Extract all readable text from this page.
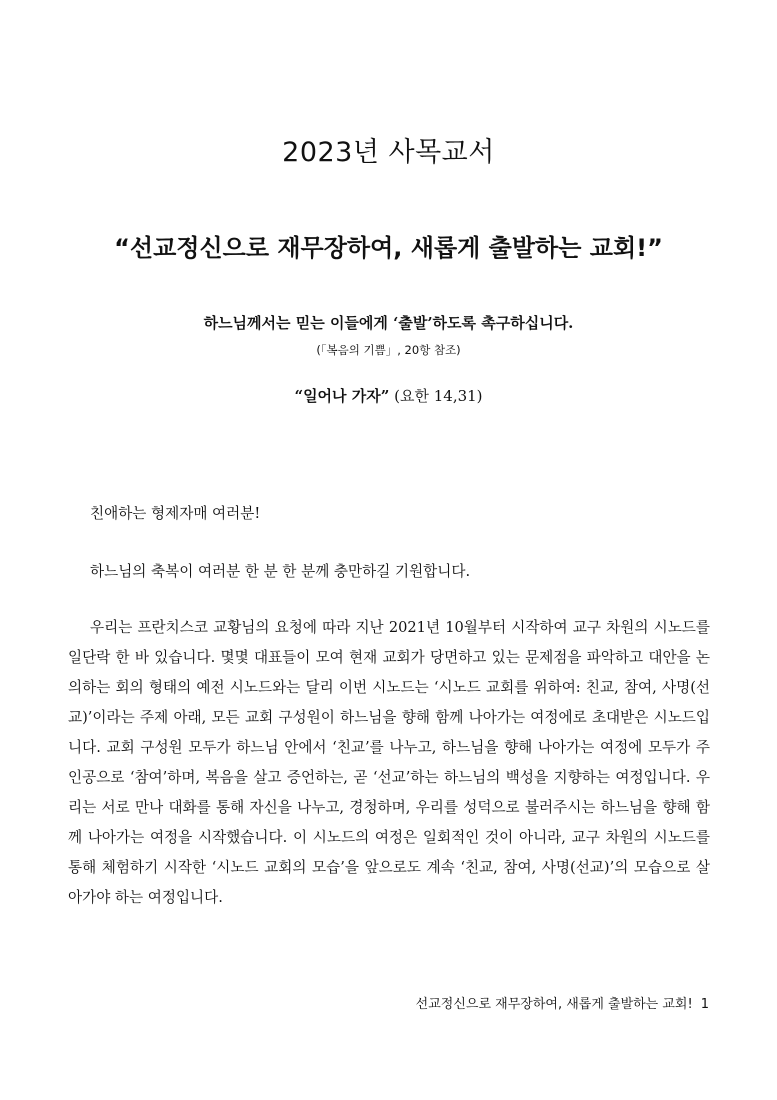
2023년 사목교서
“선교정신으로 재무장하여, 새롭게 출발하는 교회!”
하느님께서는 믿는 이들에게 ‘출발’하도록 촉구하십니다.
(「복음의 기쁨」, 20항 참조)
“일어나 가자” (요한 14,31)
친애하는 형제자매 여러분!
하느님의 축복이 여러분 한 분 한 분께 충만하길 기원합니다.
우리는 프란치스코 교황님의 요청에 따라 지난 2021년 10월부터 시작하여 교구 차원의 시노드를 일단락 한 바 있습니다. 몇몇 대표들이 모여 현재 교회가 당면하고 있는 문제점을 파악하고 대안을 논의하는 회의 형태의 예전 시노드와는 달리 이번 시노드는 ‘시노드 교회를 위하여: 친교, 참여, 사명(선교)’이라는 주제 아래, 모든 교회 구성원이 하느님을 향해 함께 나아가는 여정에로 초대받은 시노드입니다. 교회 구성원 모두가 하느님 안에서 ‘친교’를 나누고, 하느님을 향해 나아가는 여정에 모두가 주인공으로 ‘참여’하며, 복음을 살고 증언하는, 곧 ‘선교’하는 하느님의 백성을 지향하는 여정입니다. 우리는 서로 만나 대화를 통해 자신을 나누고, 경청하며, 우리를 성덕으로 불러주시는 하느님을 향해 함께 나아가는 여정을 시작했습니다. 이 시노드의 여정은 일회적인 것이 아니라, 교구 차원의 시노드를 통해 체험하기 시작한 ‘시노드 교회의 모습’을 앞으로도 계속 ‘친교, 참여, 사명(선교)’의 모습으로 살아가야 하는 여정입니다.
선교정신으로 재무장하여, 새롭게 출발하는 교회! 1
